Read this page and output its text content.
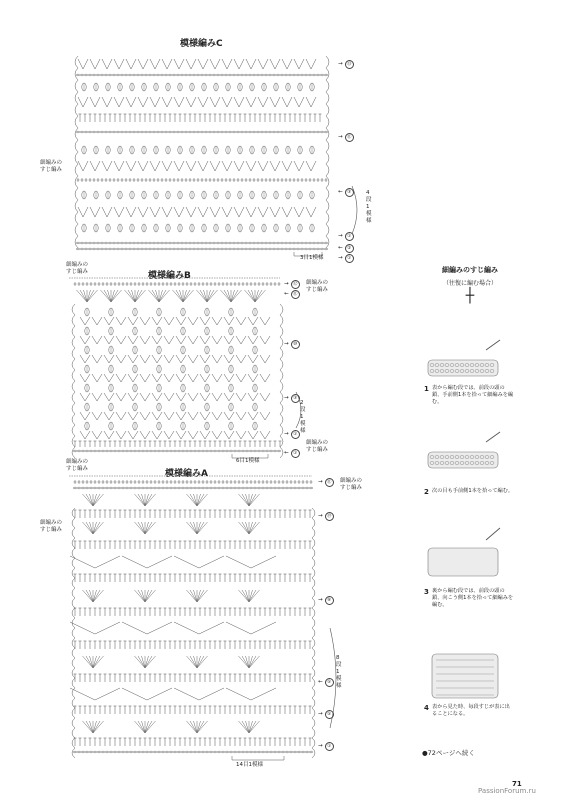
模様編みC
細編みの
すじ編み
4段1模様
3目1模様
→ ⑬
→ ⑪
← ③
→ ①
← ②
→ ①
模様編みB
細編みの
すじ編み
細編みの
すじ編み
2段1模様
6目1模様
細編みの
すじ編み
→ ⑫
← ⑪
→ ⑩
→ ③
→ ①
← ①
模様編みA
細編みの
すじ編み
細編みの
すじ編み
細編みの
すじ編み
8段1模様
14目1模様
→ ⑪
→ ⑲
→ ⑨
← ⑤
→ ⑤
→ ①
細編みのすじ編み
（往復に編む場合）
┼
1 表から編む段では、前段の頭の鎖、手前側1本を拾って細編みを編む。
2 次の目も手前側1本を拾って編む。
3 裏から編む段では、前段の頭の鎖、向こう側1本を拾って細編みを編む。
4 表から見た時、毎段すじが表に出ることになる。
●72ページへ続く
71
PassionForum.ru
